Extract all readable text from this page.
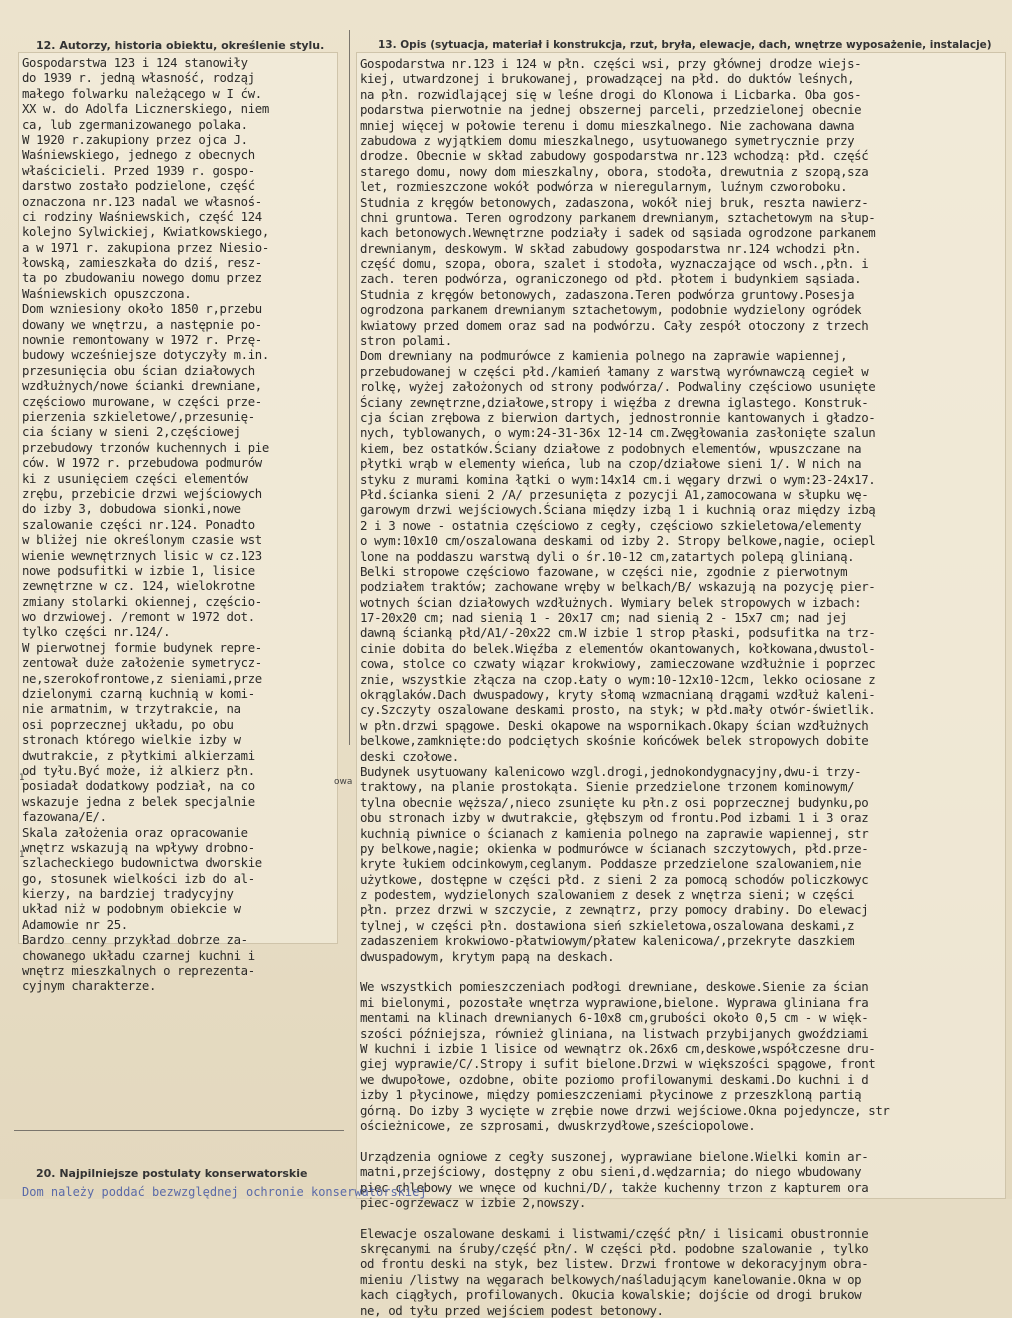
12. Autorzy, historia obiektu, określenie stylu.	13. Opis (sytuacja, materiał i konstrukcja, rzut, bryła, elewacje, dach, wnętrze wyposażenie, instalacje)
Gospodarstwa 123 i 124 stanowiły
do 1939 r. jedną własność, rodząj
małego folwarku należącego w I ćw.
XX w. do Adolfa Licznerskiego, niem
ca, lub zgermanizowanego polaka.
W 1920 r.zakupiony przez ojca J.
Waśniewskiego, jednego z obecnych
właścicieli. Przed 1939 r. gospo-
darstwo zostało podzielone, część
oznaczona nr.123 nadal we własnoś-
ci rodziny Waśniewskich, część 124
kolejno Sylwickiej, Kwiatkowskiego,
a w 1971 r. zakupiona przez Niesio-
łowską, zamieszkała do dziś, resz-
ta po zbudowaniu nowego domu przez
Waśniewskich opuszczona.
Dom wzniesiony około 1850 r,przebu
dowany we wnętrzu, a następnie po-
nownie remontowany w 1972 r. Przę-
budowy wcześniejsze dotyczyły m.in.
przesunięcia obu ścian działowych
wzdłużnych/nowe ścianki drewniane,
częściowo murowane, w części prze-
pierzenia szkieletowe/,przesunię-
cia ściany w sieni 2,częściowej
przebudowy trzonów kuchennych i pie
ców. W 1972 r. przebudowa podmurów
ki z usunięciem części elementów
zrębu, przebicie drzwi wejściowych
do izby 3, dobudowa sionki,nowe
szalowanie części nr.124. Ponadto
w bliżej nie określonym czasie wst
wienie wewnętrznych lisic w cz.123
nowe podsufitki w izbie 1, lisice
zewnętrzne w cz. 124, wielokrotne
zmiany stolarki okiennej, częścio-
wo drzwiowej. /remont w 1972 dot.
tylko części nr.124/.
W pierwotnej formie budynek repre-
zentował duże założenie symetrycz-
ne,szerokofrontowe,z sieniami,prze
dzielonymi czarną kuchnią w komi-
nie armatnim, w trzytrakcie, na
osi poprzecznej układu, po obu
stronach którego wielkie izby w
dwutrakcie, z płytkimi alkierzami
od tyłu.Być może, iż alkierz płn.
posiadał dodatkowy podział, na co
wskazuje jedna z belek specjalnie
fazowana/E/.
Skala założenia oraz opracowanie
wnętrz wskazują na wpływy drobno-
szlacheckiego budownictwa dworskie
go, stosunek wielkości izb do al-
kierzy, na bardziej tradycyjny
układ niż w podobnym obiekcie w
Adamowie nr 25.
Bardzo cenny przykład dobrze za-
chowanego układu czarnej kuchni i
wnętrz mieszkalnych o reprezenta-
cyjnym charakterze.
Gospodarstwa nr.123 i 124 w płn. części wsi, przy głównej drodze wiejs-
kiej, utwardzonej i brukowanej, prowadzącej na płd. do duktów leśnych,
na płn. rozwidlającej się w leśne drogi do Klonowa i Licbarka. Oba gos-
podarstwa pierwotnie na jednej obszernej parceli, przedzielonej obecnie
mniej więcej w połowie terenu i domu mieszkalnego. Nie zachowana dawna
zabudowa z wyjątkiem domu mieszkalnego, usytuowanego symetrycznie przy
drodze. Obecnie w skład zabudowy gospodarstwa nr.123 wchodzą: płd. część
starego domu, nowy dom mieszkalny, obora, stodoła, drewutnia z szopą,sza
let, rozmieszczone wokół podwórza w nieregularnym, luźnym czworoboku.
Studnia z kręgów betonowych, zadaszona, wokół niej bruk, reszta nawierz-
chni gruntowa. Teren ogrodzony parkanem drewnianym, sztachetowym na słup-
kach betonowych.Wewnętrzne podziały i sadek od sąsiada ogrodzone parkanem
drewnianym, deskowym. W skład zabudowy gospodarstwa nr.124 wchodzi płn.
część domu, szopa, obora, szalet i stodoła, wyznaczające od wsch.,płn. i
zach. teren podwórza, ograniczonego od płd. płotem i budynkiem sąsiada.
Studnia z kręgów betonowych, zadaszona.Teren podwórza gruntowy.Posesja
ogrodzona parkanem drewnianym sztachetowym, podobnie wydzielony ogródek
kwiatowy przed domem oraz sad na podwórzu. Cały zespół otoczony z trzech
stron polami.
Dom drewniany na podmurówce z kamienia polnego na zaprawie wapiennej,
przebudowanej w części płd./kamień łamany z warstwą wyrównawczą cegieł w
rolkę, wyżej założonych od strony podwórza/. Podwaliny częściowo usunięte
Ściany zewnętrzne,działowe,stropy i więźba z drewna iglastego. Konstruk-
cja ścian zrębowa z bierwion dartych, jednostronnie kantowanych i gładzo-
nych, tyblowanych, o wym:24-31-36x 12-14 cm.Zwęgłowania zasłonięte szalun
kiem, bez ostatków.Ściany działowe z podobnych elementów, wpuszczane na
płytki wrąb w elementy wieńca, lub na czop/działowe sieni 1/. W nich na
styku z murami komina łątki o wym:14x14 cm.i węgary drzwi o wym:23-24x17.
Płd.ścianka sieni 2 /A/ przesunięta z pozycji A1,zamocowana w słupku wę-
garowym drzwi wejściowych.Ściana między izbą 1 i kuchnią oraz między izbą
2 i 3 nowe - ostatnia częściowo z cegły, częściowo szkieletowa/elementy
o wym:10x10 cm/oszalowana deskami od izby 2. Stropy belkowe,nagie, ociepl
lone na poddaszu warstwą dyli o śr.10-12 cm,zatartych polepą glinianą.
Belki stropowe częściowo fazowane, w części nie, zgodnie z pierwotnym
podziałem traktów; zachowane wręby w belkach/B/ wskazują na pozycję pier-
wotnych ścian działowych wzdłużnych. Wymiary belek stropowych w izbach:
17-20x20 cm; nad sienią 1 - 20x17 cm; nad sienią 2 - 15x7 cm; nad jej
dawną ścianką płd/A1/-20x22 cm.W izbie 1 strop płaski, podsufitka na trz-
cinie dobita do belek.Więźba z elementów okantowanych, kołkowana,dwustol-
cowa, stolce co czwaty wiązar krokwiowy, zamieczowane wzdłużnie i poprzec
znie, wszystkie złącza na czop.Łaty o wym:10-12x10-12cm, lekko ociosane z
okrąglaków.Dach dwuspadowy, kryty słomą wzmacnianą drągami wzdłuż kaleni-
cy.Szczyty oszalowane deskami prosto, na styk; w płd.mały otwór-świetlik.
w płn.drzwi spągowe. Deski okapowe na wspornikach.Okapy ścian wzdłużnych
belkowe,zamknięte:do podciętych skośnie końcówek belek stropowych dobite
deski czołowe.
Budynek usytuowany kalenicowo wzgl.drogi,jednokondygnacyjny,dwu-i trzy-
traktowy, na planie prostokąta. Sienie przedzielone trzonem kominowym/
tylna obecnie węższa/,nieco zsunięte ku płn.z osi poprzecznej budynku,po
obu stronach izby w dwutrakcie, głębszym od frontu.Pod izbami 1 i 3 oraz
kuchnią piwnice o ścianach z kamienia polnego na zaprawie wapiennej, str
py belkowe,nagie; okienka w podmurówce w ścianach szczytowych, płd.prze-
kryte łukiem odcinkowym,ceglanym. Poddasze przedzielone szalowaniem,nie
użytkowe, dostępne w części płd. z sieni 2 za pomocą schodów policzkowyc
z podestem, wydzielonych szalowaniem z desek z wnętrza sieni; w części
płn. przez drzwi w szczycie, z zewnątrz, przy pomocy drabiny. Do elewacj
tylnej, w części płn. dostawiona sień szkieletowa,oszalowana deskami,z
zadaszeniem krokwiowo-płatwiowym/płatew kalenicowa/,przekryte daszkiem
dwuspadowym, krytym papą na deskach.
We wszystkich pomieszczeniach podłogi drewniane, deskowe.Sienie za ścian
mi bielonymi, pozostałe wnętrza wyprawione,bielone. Wyprawa gliniana fra
mentami na klinach drewnianych 6-10x8 cm,grubości około 0,5 cm - w więk-
szości późniejsza, również gliniana, na listwach przybijanych gwoździami
W kuchni i izbie 1 lisice od wewnątrz ok.26x6 cm,deskowe,współczesne dru-
giej wyprawie/C/.Stropy i sufit bielone.Drzwi w większości spągowe, front
we dwupołowe, ozdobne, obite poziomo profilowanymi deskami.Do kuchni i d
izby 1 płycinowe, między pomieszczeniami płycinowe z przeszkloną partią
górną. Do izby 3 wycięte w zrębie nowe drzwi wejściowe.Okna pojedyncze, str
ościeżnicowe, ze szprosami, dwuskrzydłowe,sześciopolowe.
Urządzenia ogniowe z cegły suszonej, wyprawiane bielone.Wielki komin ar-
matni,przejściowy, dostępny z obu sieni,d.wędzarnia; do niego wbudowany
piec chlebowy we wnęce od kuchni/D/, także kuchenny trzon z kapturem ora
piec-ogrzewacz w izbie 2,nowszy.
Elewacje oszalowane deskami i listwami/część płn/ i lisicami obustronnie
skręcanymi na śruby/część płn/. W części płd. podobne szalowanie , tylko
od frontu deski na styk, bez listew. Drzwi frontowe w dekoracyjnym obra-
mieniu /listwy na węgarach belkowych/naśladującym kanelowanie.Okna w op
kach ciągłych, profilowanych. Okucia kowalskie; dojście od drogi brukow
ne, od tyłu przed wejściem podest betonowy.
1	owa
1
20. Najpilniejsze postulaty konserwatorskie
Dom należy poddać bezwzględnej ochronie konserwatorskiej
